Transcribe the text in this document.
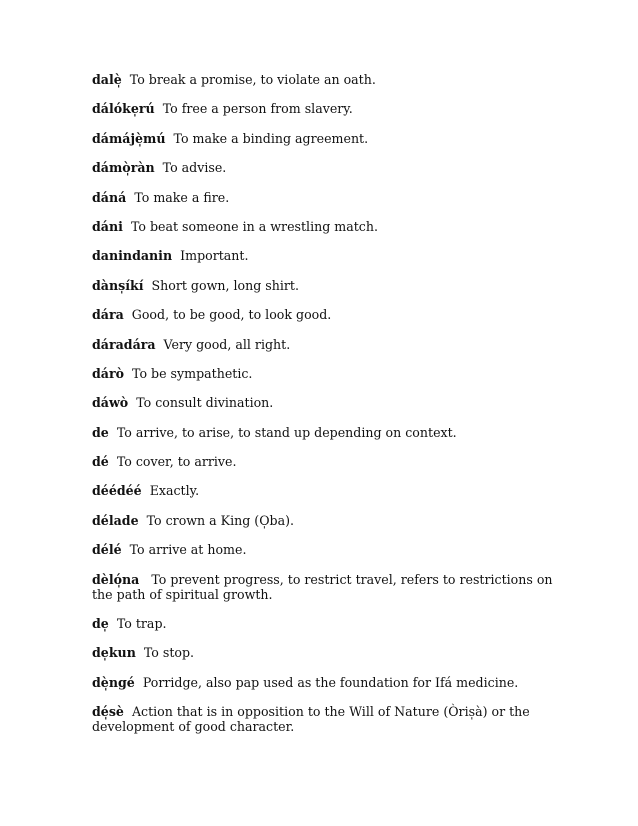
dalè̩ To break a promise, to violate an oath.
dálóke̩rú To free a person from slavery.
dámájè̩mú To make a binding agreement.
dámò̩ràn To advise.
dáná To make a fire.
dáni To beat someone in a wrestling match.
danindanin Important.
dàns̩íkí Short gown, long shirt.
dára Good, to be good, to look good.
dáradára Very good, all right.
dárò To be sympathetic.
dáwò To consult divination.
de To arrive, to arise, to stand up depending on context.
dé To cover, to arrive.
déédéé Exactly.
délade To crown a King (O̩ba).
délé To arrive at home.
dèló̩na To prevent progress, to restrict travel, refers to restrictions on the path of spiritual growth.
de̩ To trap.
de̩kun To stop.
dè̩ngé Porridge, also pap used as the foundation for Ifá medicine.
dé̩sè Action that is in opposition to the Will of Nature (Òris̩à) or the development of good character.
